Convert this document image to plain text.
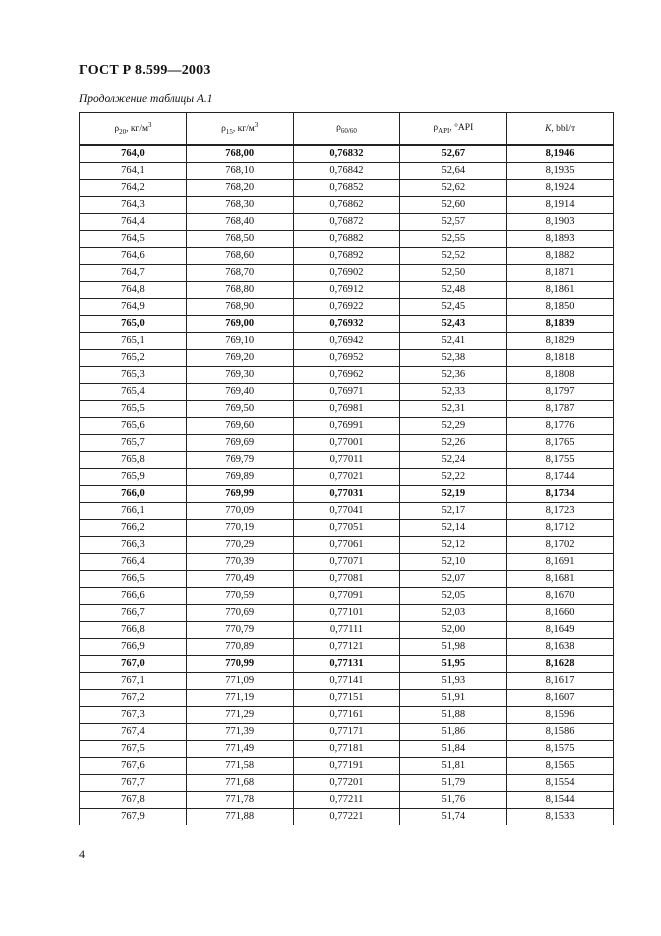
ГОСТ Р 8.599—2003
Продолжение таблицы А.1
$\rho_{20}$, $кг/м^3$	$\rho_{15}$, $кг/м^3$	$\rho_{60/60}$	$\rho_{API}$, °API	K, bbl/т
764,0	768,00	0,76832	52,67	8,1946
764,1	768,10	0,76842	52,64	8,1935
764,2	768,20	0,76852	52,62	8,1924
764,3	768,30	0,76862	52,60	8,1914
764,4	768,40	0,76872	52,57	8,1903
764,5	768,50	0,76882	52,55	8,1893
764,6	768,60	0,76892	52,52	8,1882
764,7	768,70	0,76902	52,50	8,1871
764,8	768,80	0,76912	52,48	8,1861
764,9	768,90	0,76922	52,45	8,1850
765,0	769,00	0,76932	52,43	8,1839
765,1	769,10	0,76942	52,41	8,1829
765,2	769,20	0,76952	52,38	8,1818
765,3	769,30	0,76962	52,36	8,1808
765,4	769,40	0,76971	52,33	8,1797
765,5	769,50	0,76981	52,31	8,1787
765,6	769,60	0,76991	52,29	8,1776
765,7	769,69	0,77001	52,26	8,1765
765,8	769,79	0,77011	52,24	8,1755
765,9	769,89	0,77021	52,22	8,1744
766,0	769,99	0,77031	52,19	8,1734
766,1	770,09	0,77041	52,17	8,1723
766,2	770,19	0,77051	52,14	8,1712
766,3	770,29	0,77061	52,12	8,1702
766,4	770,39	0,77071	52,10	8,1691
766,5	770,49	0,77081	52,07	8,1681
766,6	770,59	0,77091	52,05	8,1670
766,7	770,69	0,77101	52,03	8,1660
766,8	770,79	0,77111	52,00	8,1649
766,9	770,89	0,77121	51,98	8,1638
767,0	770,99	0,77131	51,95	8,1628
767,1	771,09	0,77141	51,93	8,1617
767,2	771,19	0,77151	51,91	8,1607
767,3	771,29	0,77161	51,88	8,1596
767,4	771,39	0,77171	51,86	8,1586
767,5	771,49	0,77181	51,84	8,1575
767,6	771,58	0,77191	51,81	8,1565
767,7	771,68	0,77201	51,79	8,1554
767,8	771,78	0,77211	51,76	8,1544
767,9	771,88	0,77221	51,74	8,1533
4
